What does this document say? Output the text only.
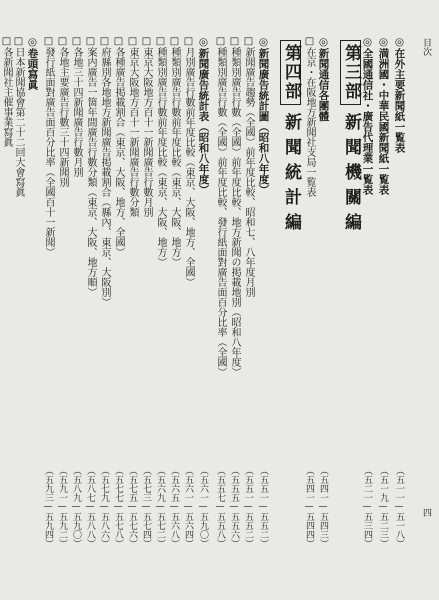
目次
四
◎在外主要新聞紙一覧表
（五一一—五一八）
◎満洲國・中華民國新聞紙一覧表
（五一九—五二三）
◎全國通信社・廣告代理業一覧表
（五二一—五三四）
第三部新聞機關編
◎新聞通信各團體
（五四一—五四三）
□在京・在阪地方新聞社支局一覧表
（五四一—五四四）
第四部新聞統計編
◎新聞廣告統計圖（昭和八年度）
（五五一—五五二）
□新聞廣告趨勢（全國）前年度比較、昭和七、八年度月別
（五五一—五五二）
□種類別廣告行數（全國）前年度比較、地方新聞の掲載地別（昭和八年度）
（五五五—五五六）
□種類別廣告行數（全國）前年度比較、發行紙面對廣告面百分比率（全國）
（五五七—五五八）
◎新聞廣告統計表（昭和八年度）
（五六一—五九〇）
□月別廣告行數前年度比較（東京、大阪、地方、全國）
（五六一—五六四）
□種類別廣告行數前年度比較（東京、大阪、地方）
（五六五—五六八）
□種類別廣告行數前年度比較（東京、大阪、地方）
（五六九—五七二）
□東京大阪地方百十一新聞廣告行數月別
（五七三—五七四）
□東京大阪地方百十一新聞廣告行數分類
（五七五—五七六）
□各種廣告掲載割合（東京、大阪、地方、全國）
（五七七—五七八）
□府縣別各地地方新聞廣告掲載割合（縣內、東京、大阪別）
（五七九—五八六）
□案内廣告一箇年間廣告行數分類（東京、大阪、地方順）
（五八七—五八八）
□各地三十四新聞廣告行數月別
（五八九—五九〇）
□各地主要廣告行數三十四新聞別
（五九一—五九二）
□發行紙面對廣告面百分比率（全國百十一新聞）
（五九三—五九四）
◎卷頭寫眞
□日本新聞協會第二十二回大會寫眞
□各新聞社主催事業寫眞
